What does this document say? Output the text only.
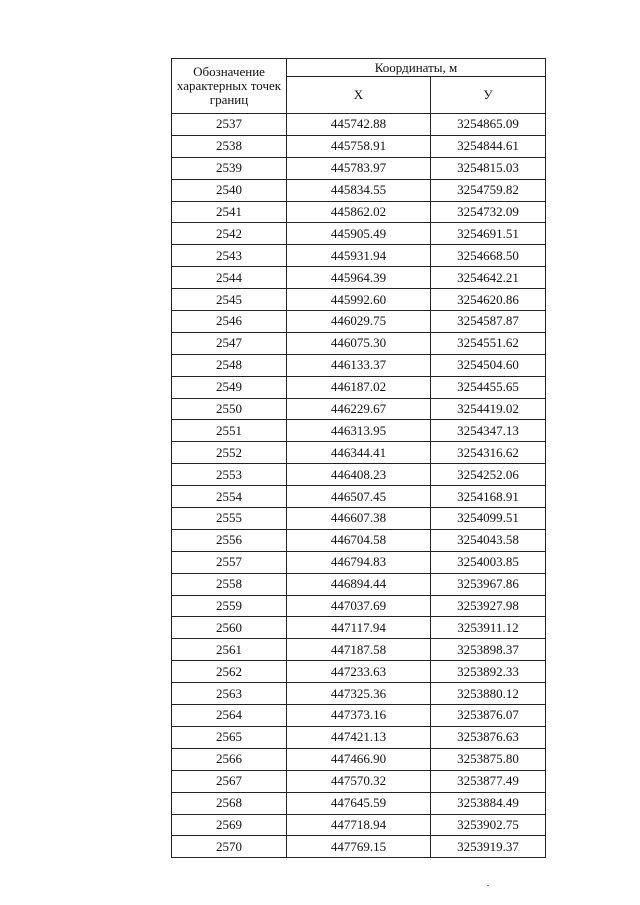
Обозначение характерных точек границ	Координаты, м	
	X	У
2537	445742.88	3254865.09
2538	445758.91	3254844.61
2539	445783.97	3254815.03
2540	445834.55	3254759.82
2541	445862.02	3254732.09
2542	445905.49	3254691.51
2543	445931.94	3254668.50
2544	445964.39	3254642.21
2545	445992.60	3254620.86
2546	446029.75	3254587.87
2547	446075.30	3254551.62
2548	446133.37	3254504.60
2549	446187.02	3254455.65
2550	446229.67	3254419.02
2551	446313.95	3254347.13
2552	446344.41	3254316.62
2553	446408.23	3254252.06
2554	446507.45	3254168.91
2555	446607.38	3254099.51
2556	446704.58	3254043.58
2557	446794.83	3254003.85
2558	446894.44	3253967.86
2559	447037.69	3253927.98
2560	447117.94	3253911.12
2561	447187.58	3253898.37
2562	447233.63	3253892.33
2563	447325.36	3253880.12
2564	447373.16	3253876.07
2565	447421.13	3253876.63
2566	447466.90	3253875.80
2567	447570.32	3253877.49
2568	447645.59	3253884.49
2569	447718.94	3253902.75
2570	447769.15	3253919.37
